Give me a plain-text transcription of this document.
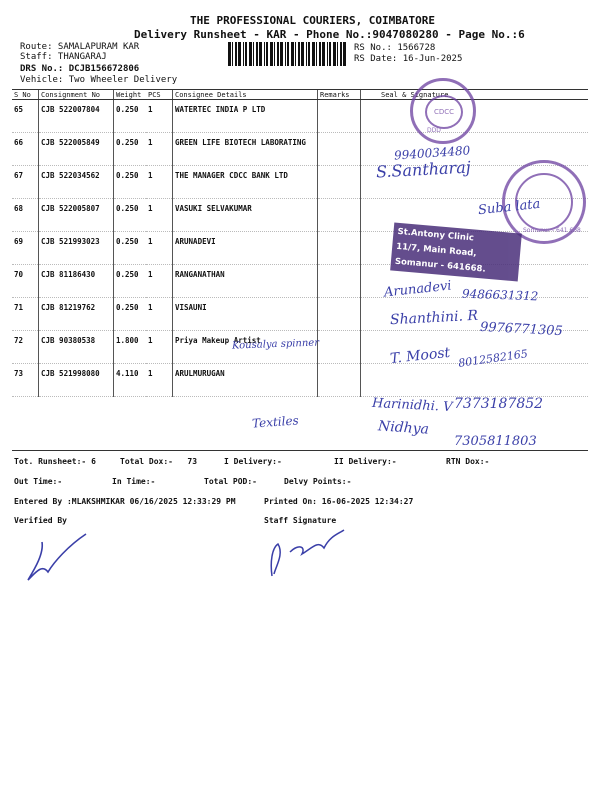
THE PROFESSIONAL COURIERS, COIMBATORE
Delivery Runsheet - KAR - Phone No.:9047080280 - Page No.:6
Route: SAMALAPURAM KAR
Staff: THANGARAJ
DRS No.: DCJB156672806
Vehicle: Two Wheeler Delivery
RS No.: 1566728
RS Date: 16-Jun-2025
S No	Consignment No	Weight	PCS	Consignee Details	Remarks	Seal & Signature
65	CJB 522007804	0.250	1	WATERTEC INDIA P LTD		
66	CJB 522005849	0.250	1	GREEN LIFE BIOTECH LABORATING		
67	CJB 522034562	0.250	1	THE MANAGER CDCC BANK LTD		
68	CJB 522005807	0.250	1	VASUKI SELVAKUMAR		
69	CJB 521993023	0.250	1	ARUNADEVI		
70	CJB 81186430	0.250	1	RANGANATHAN		
71	CJB 81219762	0.250	1	VISAUNI		
72	CJB 90380538	1.800	1	Priya Makeup Artist		
73	CJB 521998080	4.110	1	ARULMURUGAN		
CDCC
DDD
Somanur - 641 668
9940034480
S.Santharaj
Suba lata
St.Antony Clinic
11/7, Main Road,
Somanur - 641668.
Arunadevi 9486631312
Shanthini. R
9976771305
Kousalya spinner
T. Moost 8012582165
Harinidhi. V 7373187852
Nidhya
7305811803
Textiles
Tot. Runsheet:- 6	Total Dox:-   73	I Delivery:-	II Delivery:-	RTN Dox:-
Out Time:-	In Time:-	Total POD:-	Delvy Points:-
Entered By :MLAKSHMIKAR 06/16/2025 12:33:29 PM	Printed On: 16-06-2025 12:34:27
Verified By	Staff Signature
